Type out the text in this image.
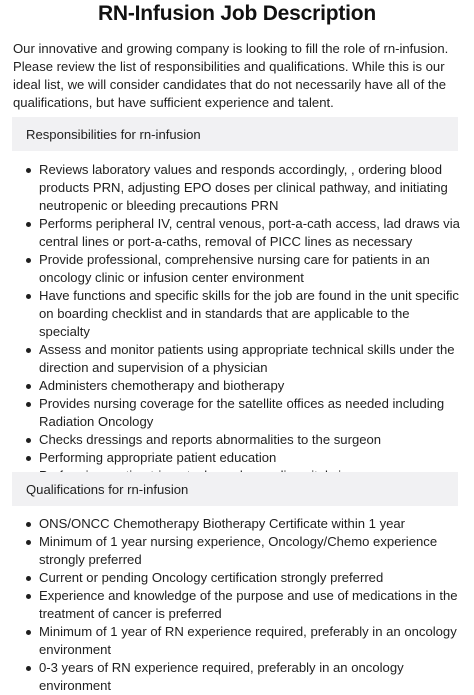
RN-Infusion Job Description
Our innovative and growing company is looking to fill the role of rn-infusion. Please review the list of responsibilities and qualifications. While this is our ideal list, we will consider candidates that do not necessarily have all of the qualifications, but have sufficient experience and talent.
Responsibilities for rn-infusion
Reviews laboratory values and responds accordingly, , ordering blood products PRN, adjusting EPO doses per clinical pathway, and initiating neutropenic or bleeding precautions PRN
Performs peripheral IV, central venous, port-a-cath access, lad draws via central lines or port-a-caths, removal of PICC lines as necessary
Provide professional, comprehensive nursing care for patients in an oncology clinic or infusion center environment
Have functions and specific skills for the job are found in the unit specific on boarding checklist and in standards that are applicable to the specialty
Assess and monitor patients using appropriate technical skills under the direction and supervision of a physician
Administers chemotherapy and biotherapy
Provides nursing coverage for the satellite offices as needed including Radiation Oncology
Checks dressings and reports abnormalities to the surgeon
Performing appropriate patient education
Qualifications for rn-infusion
ONS/ONCC Chemotherapy Biotherapy Certificate within 1 year
Minimum of 1 year nursing experience, Oncology/Chemo experience strongly preferred
Current or pending Oncology certification strongly preferred
Experience and knowledge of the purpose and use of medications in the treatment of cancer is preferred
Minimum of 1 year of RN experience required, preferably in an oncology environment
0-3 years of RN experience required, preferably in an oncology environment
